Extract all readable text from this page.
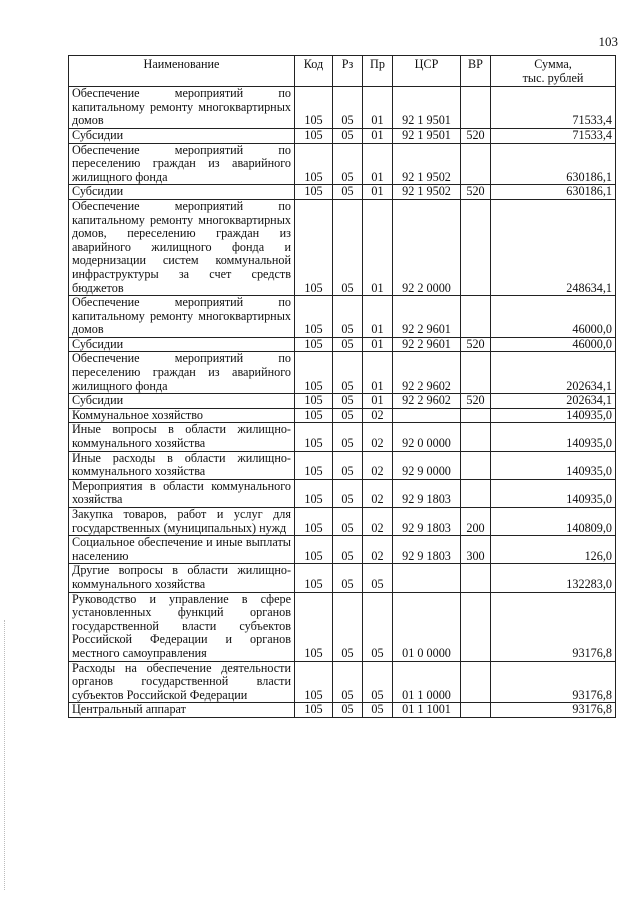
103
Наименование	Код	Рз	Пр	ЦСР	ВР	Сумма,
тыс. рублей

Обеспечение мероприятий по капитальному ремонту многоквартирных домов	105	05	01	92 1 9501		71533,4
Субсидии	105	05	01	92 1 9501	520	71533,4
Обеспечение мероприятий по переселению граждан из аварийного жилищного фонда	105	05	01	92 1 9502		630186,1
Субсидии	105	05	01	92 1 9502	520	630186,1
Обеспечение мероприятий по капитальному ремонту многоквартирных домов, переселению граждан из аварийного жилищного фонда и модернизации систем коммунальной инфраструктуры за счет средств бюджетов	105	05	01	92 2 0000		248634,1
Обеспечение мероприятий по капитальному ремонту многоквартирных домов	105	05	01	92 2 9601		46000,0
Субсидии	105	05	01	92 2 9601	520	46000,0
Обеспечение мероприятий по переселению граждан из аварийного жилищного фонда	105	05	01	92 2 9602		202634,1
Субсидии	105	05	01	92 2 9602	520	202634,1
Коммунальное хозяйство	105	05	02			140935,0
Иные вопросы в области жилищно-коммунального хозяйства	105	05	02	92 0 0000		140935,0
Иные расходы в области жилищно-коммунального хозяйства	105	05	02	92 9 0000		140935,0
Мероприятия в области коммунального хозяйства	105	05	02	92 9 1803		140935,0
Закупка товаров, работ и услуг для государственных (муниципальных) нужд	105	05	02	92 9 1803	200	140809,0
Социальное обеспечение и иные выплаты населению	105	05	02	92 9 1803	300	126,0
Другие вопросы в области жилищно-коммунального хозяйства	105	05	05			132283,0
Руководство и управление в сфере установленных функций органов государственной власти субъектов Российской Федерации и органов местного самоуправления	105	05	05	01 0 0000		93176,8
Расходы на обеспечение деятельности органов государственной власти субъектов Российской Федерации	105	05	05	01 1 0000		93176,8
Центральный аппарат	105	05	05	01 1 1001		93176,8
